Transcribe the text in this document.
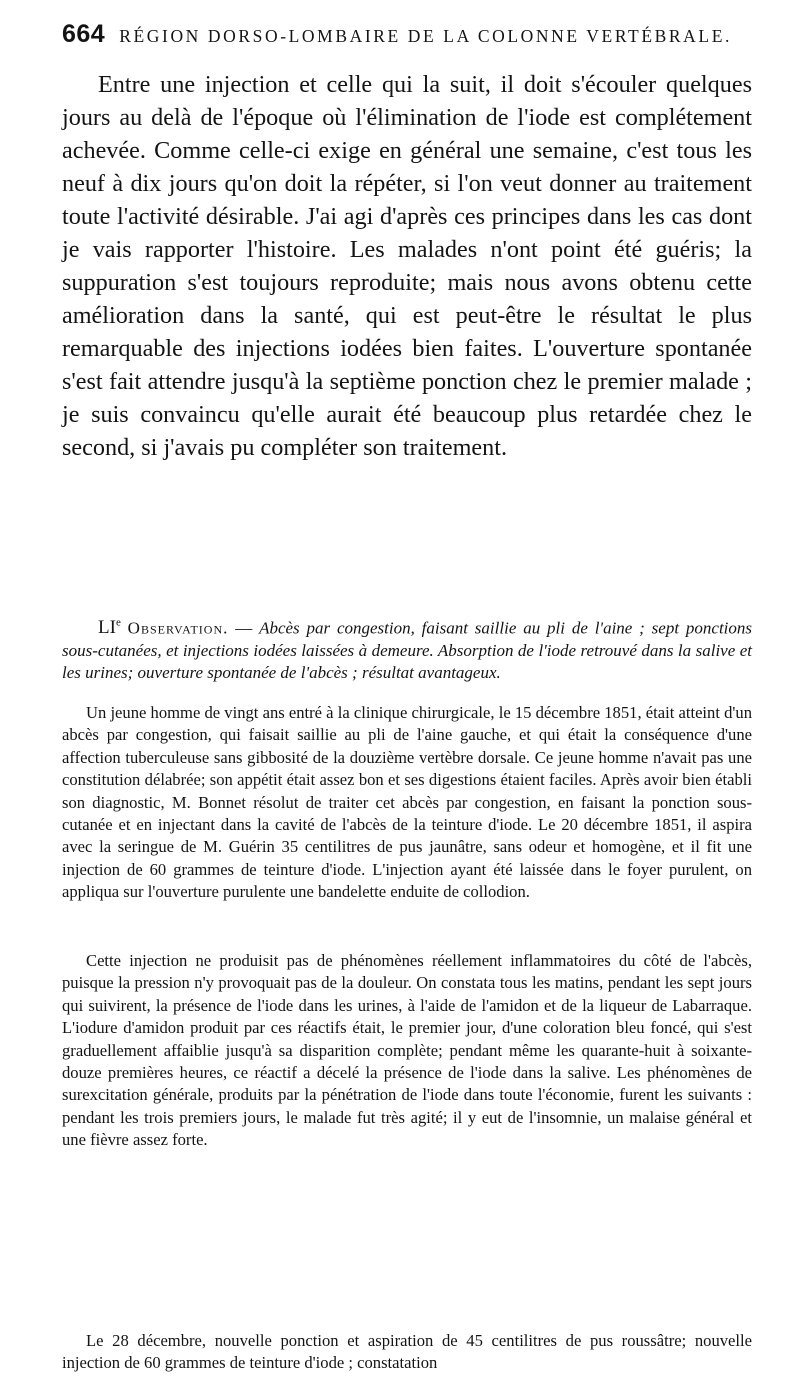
664 RÉGION DORSO-LOMBAIRE DE LA COLONNE VERTÉBRALE.

Entre une injection et celle qui la suit, il doit s'écouler quelques jours au delà de l'époque où l'élimination de l'iode est complétement achevée. Comme celle-ci exige en général une semaine, c'est tous les neuf à dix jours qu'on doit la répéter, si l'on veut donner au traitement toute l'activité désirable. J'ai agi d'après ces principes dans les cas dont je vais rapporter l'histoire. Les malades n'ont point été guéris; la suppuration s'est toujours reproduite; mais nous avons obtenu cette amélioration dans la santé, qui est peut-être le résultat le plus remarquable des injections iodées bien faites. L'ouverture spontanée s'est fait attendre jusqu'à la septième ponction chez le premier malade ; je suis convaincu qu'elle aurait été beaucoup plus retardée chez le second, si j'avais pu compléter son traitement.

LIe Observation. — Abcès par congestion, faisant saillie au pli de l'aine ; sept ponctions sous-cutanées, et injections iodées laissées à demeure. Absorption de l'iode retrouvé dans la salive et les urines; ouverture spontanée de l'abcès ; résultat avantageux.

Un jeune homme de vingt ans entré à la clinique chirurgicale, le 15 décembre 1851, était atteint d'un abcès par congestion, qui faisait saillie au pli de l'aine gauche, et qui était la conséquence d'une affection tuberculeuse sans gibbosité de la douzième vertèbre dorsale. Ce jeune homme n'avait pas une constitution délabrée; son appétit était assez bon et ses digestions étaient faciles. Après avoir bien établi son diagnostic, M. Bonnet résolut de traiter cet abcès par congestion, en faisant la ponction sous-cutanée et en injectant dans la cavité de l'abcès de la teinture d'iode. Le 20 décembre 1851, il aspira avec la seringue de M. Guérin 35 centilitres de pus jaunâtre, sans odeur et homogène, et il fit une injection de 60 grammes de teinture d'iode. L'injection ayant été laissée dans le foyer purulent, on appliqua sur l'ouverture purulente une bandelette enduite de collodion.

Cette injection ne produisit pas de phénomènes réellement inflammatoires du côté de l'abcès, puisque la pression n'y provoquait pas de la douleur. On constata tous les matins, pendant les sept jours qui suivirent, la présence de l'iode dans les urines, à l'aide de l'amidon et de la liqueur de Labarraque. L'iodure d'amidon produit par ces réactifs était, le premier jour, d'une coloration bleu foncé, qui s'est graduellement affaiblie jusqu'à sa disparition complète; pendant même les quarante-huit à soixante-douze premières heures, ce réactif a décelé la présence de l'iode dans la salive. Les phénomènes de surexcitation générale, produits par la pénétration de l'iode dans toute l'économie, furent les suivants : pendant les trois premiers jours, le malade fut très agité; il y eut de l'insomnie, un malaise général et une fièvre assez forte.

Le 28 décembre, nouvelle ponction et aspiration de 45 centilitres de pus roussâtre; nouvelle injection de 60 grammes de teinture d'iode ; constatation
